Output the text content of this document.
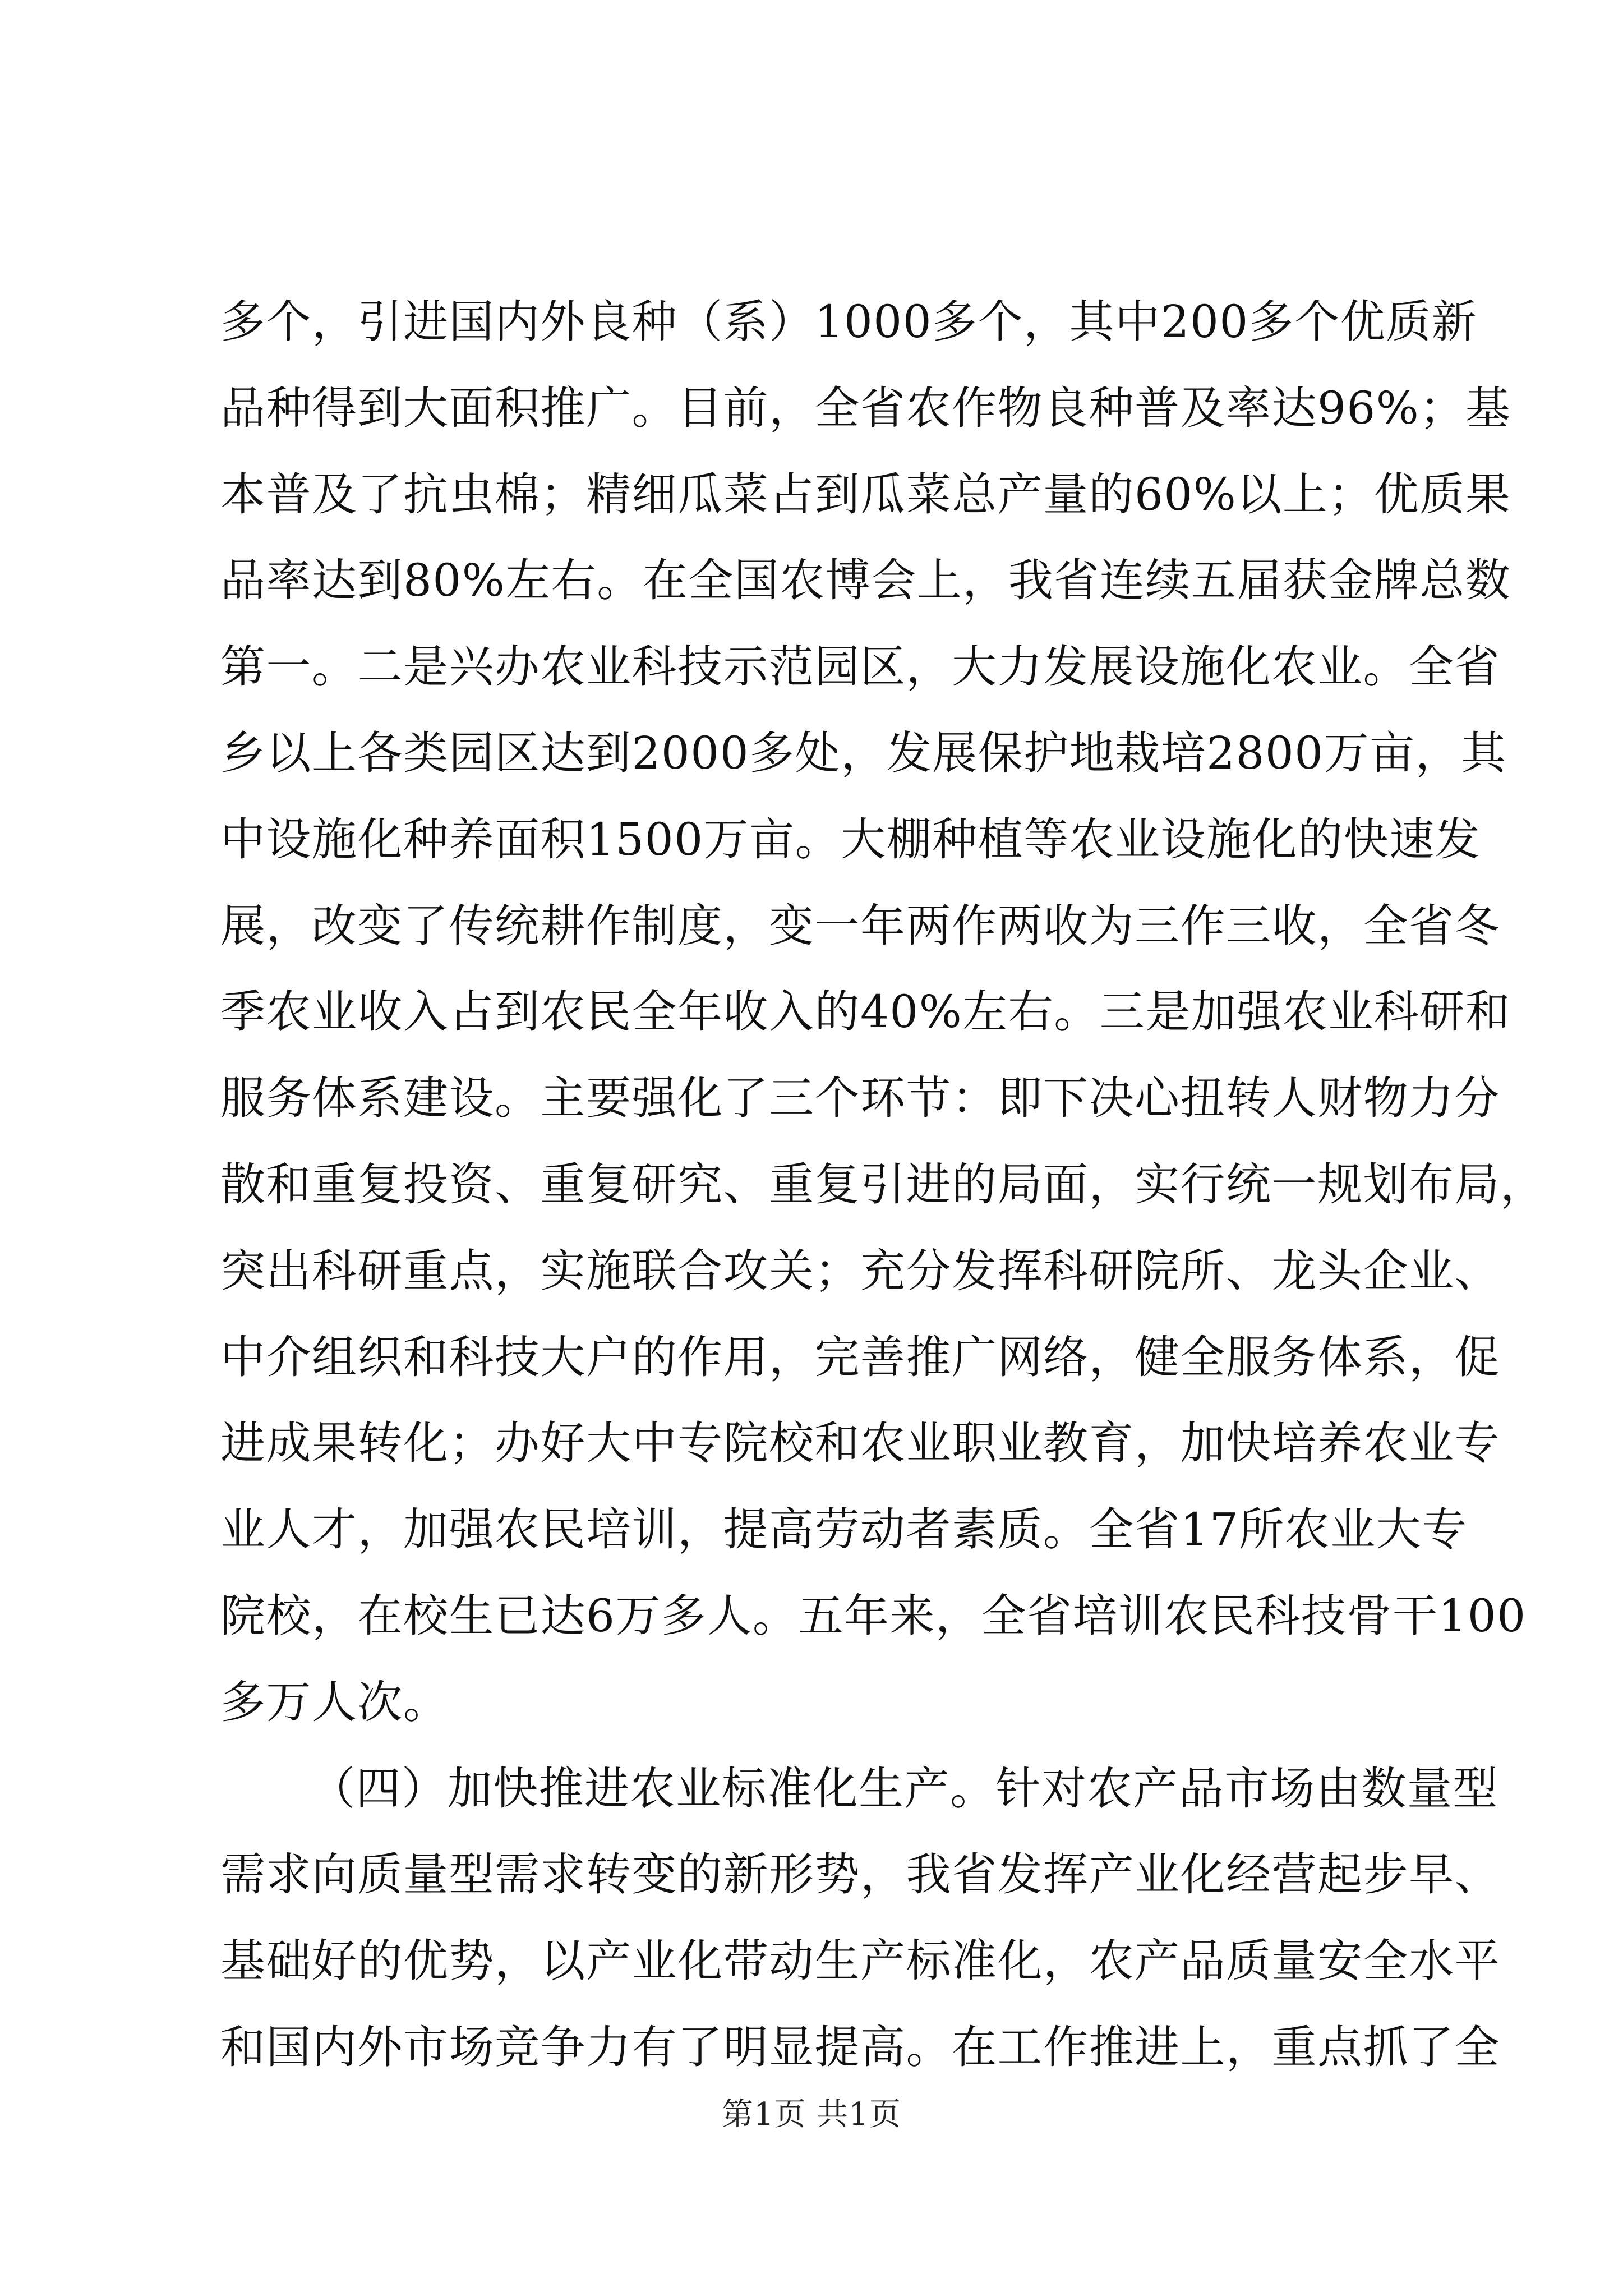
多个，引进国内外良种（系）1000多个，其中200多个优质新
品种得到大面积推广。目前，全省农作物良种普及率达96%；基
本普及了抗虫棉；精细瓜菜占到瓜菜总产量的60%以上；优质果
品率达到80%左右。在全国农博会上，我省连续五届获金牌总数
第一。二是兴办农业科技示范园区，大力发展设施化农业。全省
乡以上各类园区达到2000多处，发展保护地栽培2800万亩，其
中设施化种养面积1500万亩。大棚种植等农业设施化的快速发
展，改变了传统耕作制度，变一年两作两收为三作三收，全省冬
季农业收入占到农民全年收入的40%左右。三是加强农业科研和
服务体系建设。主要强化了三个环节：即下决心扭转人财物力分
散和重复投资、重复研究、重复引进的局面，实行统一规划布局，
突出科研重点，实施联合攻关；充分发挥科研院所、龙头企业、
中介组织和科技大户的作用，完善推广网络，健全服务体系，促
进成果转化；办好大中专院校和农业职业教育，加快培养农业专
业人才，加强农民培训，提高劳动者素质。全省17所农业大专
院校，在校生已达6万多人。五年来，全省培训农民科技骨干100
多万人次。
（四）加快推进农业标准化生产。针对农产品市场由数量型
需求向质量型需求转变的新形势，我省发挥产业化经营起步早、
基础好的优势，以产业化带动生产标准化，农产品质量安全水平
和国内外市场竞争力有了明显提高。在工作推进上，重点抓了全
第1页 共1页
